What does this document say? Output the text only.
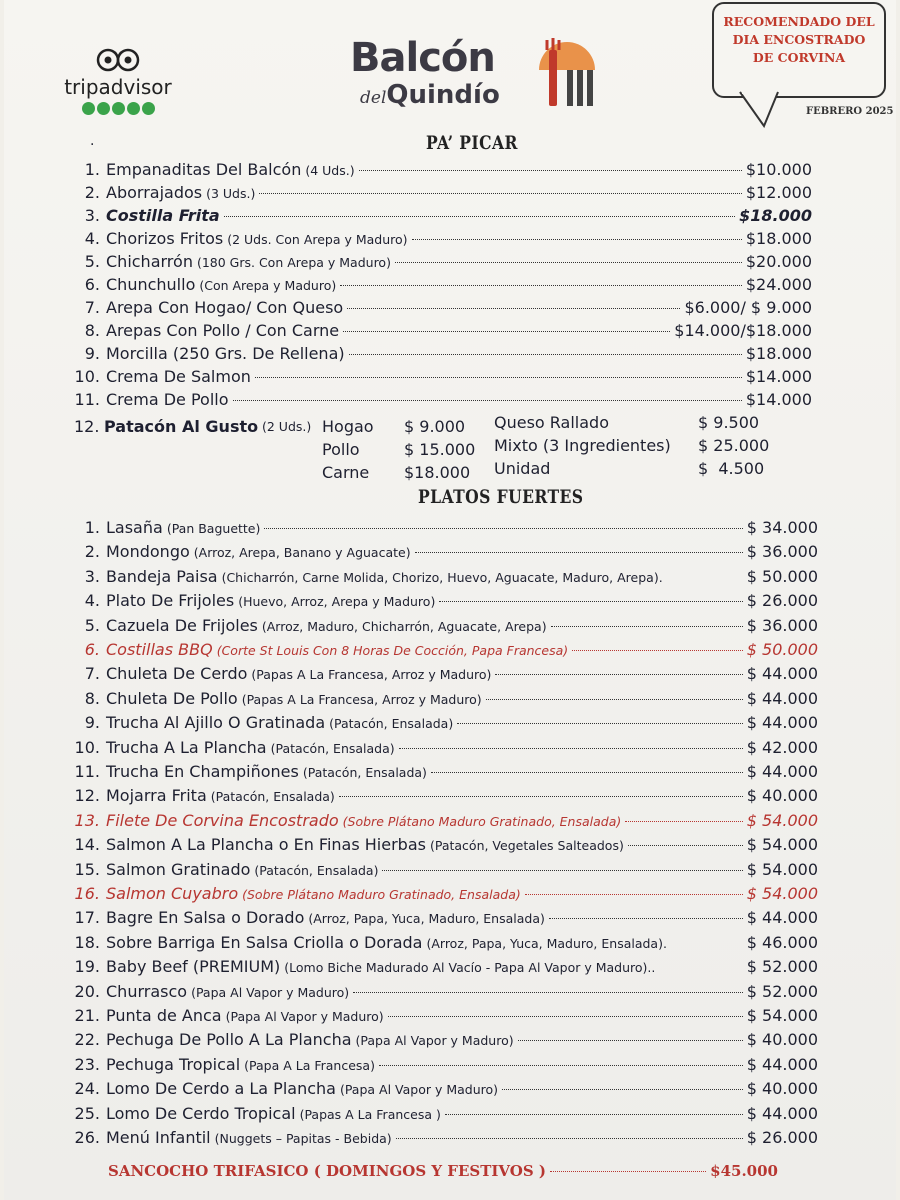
tripadvisor
Balcón
delQuindío
RECOMENDADO DEL
DIA ENCOSTRADO
DE CORVINA
FEBRERO 2025
·	PA’ PICAR
1. Empanaditas Del Balcón (4 Uds.)	$10.000
2. Aborrajados (3 Uds.)	$12.000
3. Costilla Frita	$18.000
4. Chorizos Fritos (2 Uds. Con Arepa y Maduro)	$18.000
5. Chicharrón (180 Grs. Con Arepa y Maduro)	$20.000
6. Chunchullo (Con Arepa y Maduro)	$24.000
7. Arepa Con Hogao/ Con Queso	$6.000/ $ 9.000
8. Arepas Con Pollo / Con Carne	$14.000/$18.000
9. Morcilla (250 Grs. De Rellena)	$18.000
10. Crema De Salmon	$14.000
11. Crema De Pollo	$14.000
12. Patacón Al Gusto (2 Uds.) Hogao $ 9.000
Pollo	$ 15.000
Carne $18.000
Queso Rallado	$ 9.500
Mixto (3 Ingredientes) $ 25.000
Unidad	$  4.500
PLATOS FUERTES
1. Lasaña (Pan Baguette)	$ 34.000
2. Mondongo (Arroz, Arepa, Banano y Aguacate)	$ 36.000
3. Bandeja Paisa (Chicharrón, Carne Molida, Chorizo, Huevo, Aguacate, Maduro, Arepa).	$ 50.000
4. Plato De Frijoles (Huevo, Arroz, Arepa y Maduro)	$ 26.000
5. Cazuela De Frijoles (Arroz, Maduro, Chicharrón, Aguacate, Arepa)	$ 36.000
6. Costillas BBQ (Corte St Louis Con 8 Horas De Cocción, Papa Francesa)	$ 50.000
7. Chuleta De Cerdo (Papas A La Francesa, Arroz y Maduro)	$ 44.000
8. Chuleta De Pollo (Papas A La Francesa, Arroz y Maduro)	$ 44.000
9. Trucha Al Ajillo O Gratinada (Patacón, Ensalada)	$ 44.000
10. Trucha A La Plancha (Patacón, Ensalada)	$ 42.000
11. Trucha En Champiñones (Patacón, Ensalada)	$ 44.000
12. Mojarra Frita (Patacón, Ensalada)	$ 40.000
13. Filete De Corvina Encostrado (Sobre Plátano Maduro Gratinado, Ensalada)	$ 54.000
14. Salmon A La Plancha o En Finas Hierbas (Patacón, Vegetales Salteados)	$ 54.000
15. Salmon Gratinado (Patacón, Ensalada)	$ 54.000
16. Salmon Cuyabro (Sobre Plátano Maduro Gratinado, Ensalada)	$ 54.000
17. Bagre En Salsa o Dorado (Arroz, Papa, Yuca, Maduro, Ensalada)	$ 44.000
18. Sobre Barriga En Salsa Criolla o Dorada (Arroz, Papa, Yuca, Maduro, Ensalada).	$ 46.000
19. Baby Beef (PREMIUM) (Lomo Biche Madurado Al Vacío - Papa Al Vapor y Maduro)..	$ 52.000
20. Churrasco (Papa Al Vapor y Maduro)	$ 52.000
21. Punta de Anca (Papa Al Vapor y Maduro)	$ 54.000
22. Pechuga De Pollo A La Plancha (Papa Al Vapor y Maduro)	$ 40.000
23. Pechuga Tropical (Papa A La Francesa)	$ 44.000
24. Lomo De Cerdo a La Plancha (Papa Al Vapor y Maduro)	$ 40.000
25. Lomo De Cerdo Tropical (Papas A La Francesa )	$ 44.000
26. Menú Infantil (Nuggets – Papitas - Bebida)	$ 26.000
SANCOCHO TRIFASICO ( DOMINGOS Y FESTIVOS )	$45.000
